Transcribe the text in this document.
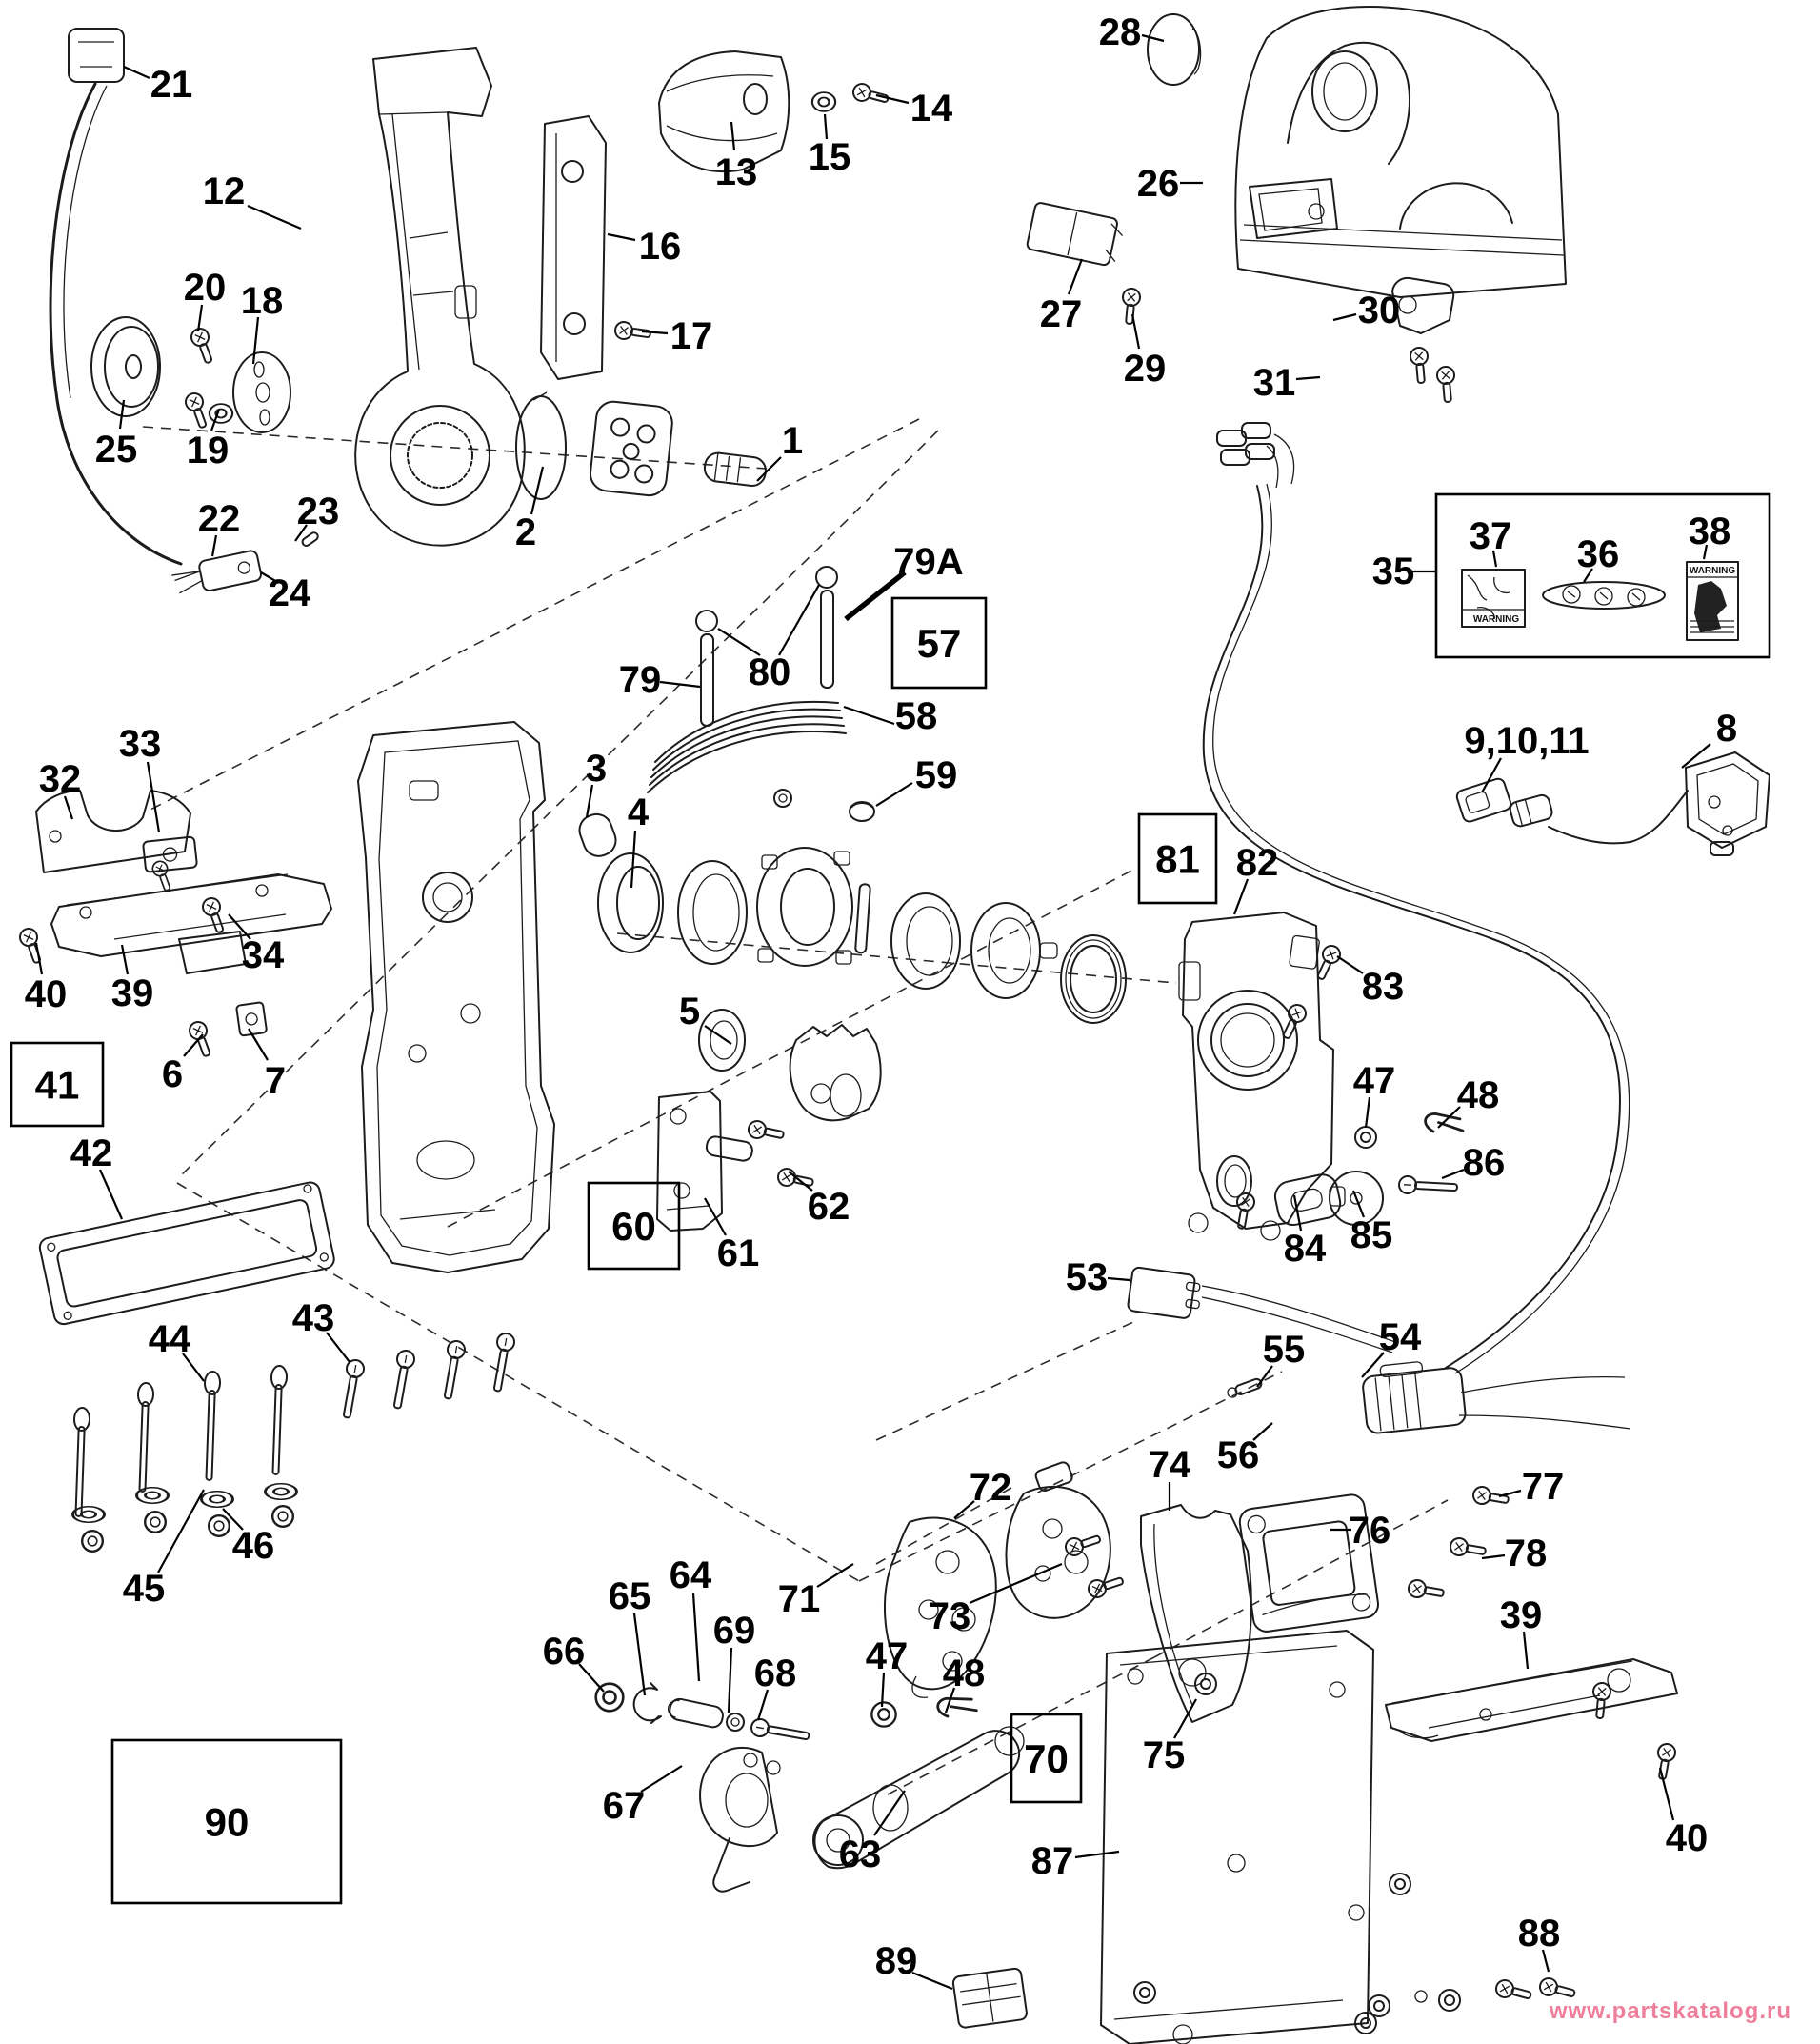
WARNING
WARNING
1
2
3
4
5
6 7
8
9,10,11
12	13
14
15
16
17
18
19
20
21
22 23
24
25
26
27
28
29
30
31
32
33
34
35	36
37	38
39
39
40
40
42
43
44
45
46
47
47
48
48
53
54
55
56
58
59
61
62
63
64
65
66
67
68
69
71
72
73
74
75
76
77
78
79
79A
80
82
83
84 85
86
87
88
89
41
57
60
70
81
90
www.partskatalog.ru
